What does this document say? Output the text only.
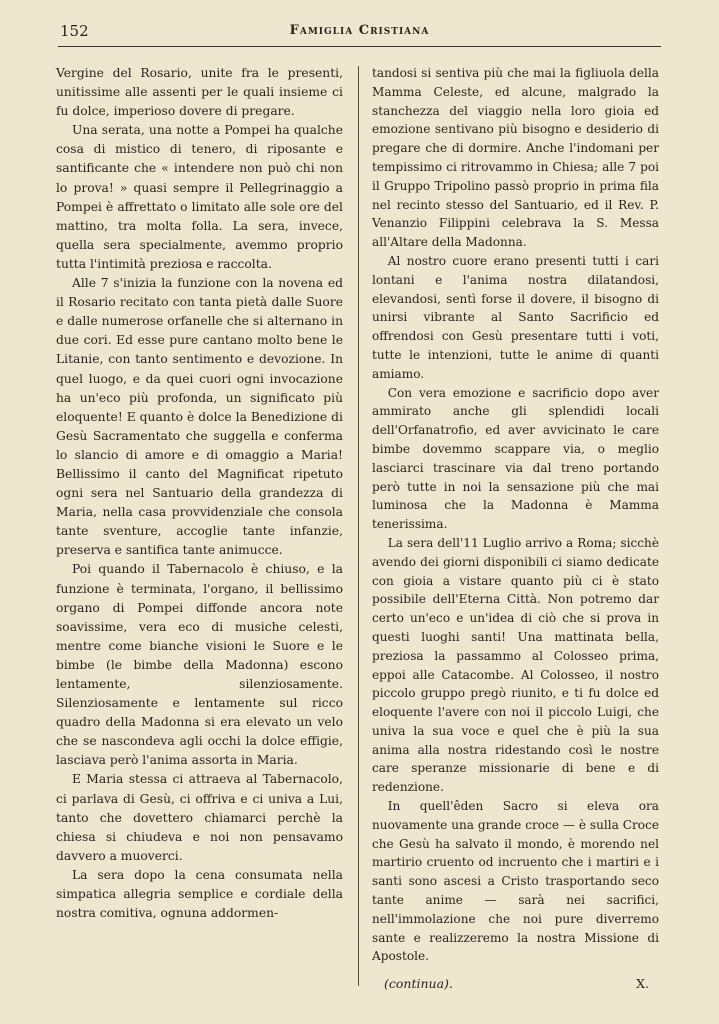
152	Famiglia Cristiana

Vergine del Rosario, unite fra le presenti, unitissime alle assenti per le quali insieme ci fu dolce, imperioso dovere di pregare.

Una serata, una notte a Pompei ha qualche cosa di mistico di tenero, di riposante e santificante che « intendere non può chi non lo prova! » quasi sempre il Pellegrinaggio a Pompei è affrettato o limitato alle sole ore del mattino, tra molta folla. La sera, invece, quella sera specialmente, avemmo proprio tutta l'intimità preziosa e raccolta.

Alle 7 s'inizia la funzione con la novena ed il Rosario recitato con tanta pietà dalle Suore e dalle numerose orfanelle che si alternano in due cori. Ed esse pure cantano molto bene le Litanie, con tanto sentimento e devozione. In quel luogo, e da quei cuori ogni invocazione ha un'eco più profonda, un significato più eloquente! E quanto è dolce la Benedizione di Gesù Sacramentato che suggella e conferma lo slancio di amore e di omaggio a Maria! Bellissimo il canto del Magnificat ripetuto ogni sera nel Santuario della grandezza di Maria, nella casa provvidenziale che consola tante sventure, accoglie tante infanzie, preserva e santifica tante animucce.

Poi quando il Tabernacolo è chiuso, e la funzione è terminata, l'organo, il bellissimo organo di Pompei diffonde ancora note soavissime, vera eco di musiche celesti, mentre come bianche visioni le Suore e le bimbe (le bimbe della Madonna) escono lentamente, silenziosamente. Silenziosamente e lentamente sul ricco quadro della Madonna si era elevato un velo che se nascondeva agli occhi la dolce effigie, lasciava però l'anima assorta in Maria.

E Maria stessa ci attraeva al Tabernacolo, ci parlava di Gesù, ci offriva e ci univa a Lui, tanto che dovettero chiamarci perchè la chiesa si chiudeva e noi non pensavamo davvero a muoverci.

La sera dopo la cena consumata nella simpatica allegria semplice e cordiale della nostra comitiva, ognuna addormen-

tandosi si sentiva più che mai la figliuola della Mamma Celeste, ed alcune, malgrado la stanchezza del viaggio nella loro gioia ed emozione sentivano più bisogno e desiderio di pregare che di dormire. Anche l'indomani per tempissimo ci ritrovammo in Chiesa; alle 7 poi il Gruppo Tripolino passò proprio in prima fila nel recinto stesso del Santuario, ed il Rev. P. Venanzio Filippini celebrava la S. Messa all'Altare della Madonna.

Al nostro cuore erano presenti tutti i cari lontani e l'anima nostra dilatandosi, elevandosi, sentì forse il dovere, il bisogno di unirsi vibrante al Santo Sacrificio ed offrendosi con Gesù presentare tutti i voti, tutte le intenzioni, tutte le anime di quanti amiamo.

Con vera emozione e sacrificio dopo aver ammirato anche gli splendidi locali dell'Orfanatrofio, ed aver avvicinato le care bimbe dovemmo scappare via, o meglio lasciarci trascinare via dal treno portando però tutte in noi la sensazione più che mai luminosa che la Madonna è Mamma tenerissima.

La sera dell'11 Luglio arrivo a Roma; sicchè avendo dei giorni disponibili ci siamo dedicate con gioia a vistare quanto più ci è stato possibile dell'Eterna Città. Non potremo dar certo un'eco e un'idea di ciò che si prova in questi luoghi santi! Una mattinata bella, preziosa la passammo al Colosseo prima, eppoi alle Catacombe. Al Colosseo, il nostro piccolo gruppo pregò riunito, e ti fu dolce ed eloquente l'avere con noi il piccolo Luigi, che univa la sua voce e quel che è più la sua anima alla nostra ridestando così le nostre care speranze missionarie di bene e di redenzione.

In quell'êden Sacro si eleva ora nuovamente una grande croce — è sulla Croce che Gesù ha salvato il mondo, è morendo nel martirio cruento od incruento che i martiri e i santi sono ascesi a Cristo trasportando seco tante anime — sarà nei sacrifici, nell'immolazione che noi pure diverremo sante e realizzeremo la nostra Missione di Apostole.

(continua).	X.
